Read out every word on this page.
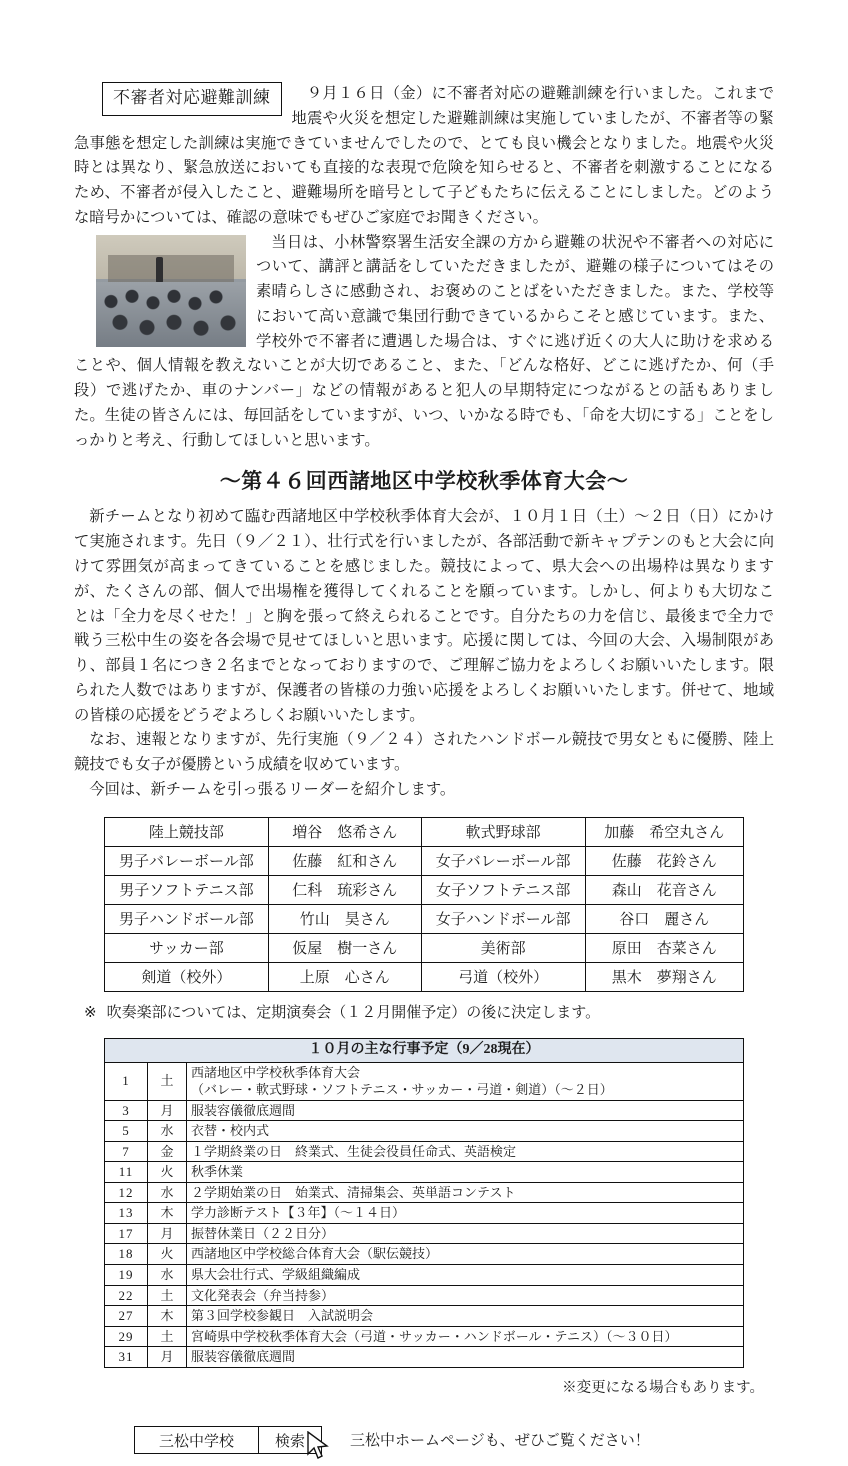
不審者対応避難訓練	９月１６日（金）に不審者対応の避難訓練を行いました。これまで地震や火災を想定した避難訓練は実施していましたが、不審者等の緊急事態を想定した訓練は実施できていませんでしたので、とても良い機会となりました。地震や火災時とは異なり、緊急放送においても直接的な表現で危険を知らせると、不審者を刺激することになるため、不審者が侵入したこと、避難場所を暗号として子どもたちに伝えることにしました。どのような暗号かについては、確認の意味でもぜひご家庭でお聞きください。

当日は、小林警察署生活安全課の方から避難の状況や不審者への対応について、講評と講話をしていただきましたが、避難の様子についてはその素晴らしさに感動され、お褒めのことばをいただきました。また、学校等において高い意識で集団行動できているからこそと感じています。また、学校外で不審者に遭遇した場合は、すぐに逃げ近くの大人に助けを求めることや、個人情報を教えないことが大切であること、また、「どんな格好、どこに逃げたか、何（手段）で逃げたか、車のナンバー」などの情報があると犯人の早期特定につながるとの話もありました。生徒の皆さんには、毎回話をしていますが、いつ、いかなる時でも、「命を大切にする」ことをしっかりと考え、行動してほしいと思います。

〜第４６回西諸地区中学校秋季体育大会〜

新チームとなり初めて臨む西諸地区中学校秋季体育大会が、１０月１日（土）〜２日（日）にかけて実施されます。先日（９／２１）、壮行式を行いましたが、各部活動で新キャプテンのもと大会に向けて雰囲気が高まってきていることを感じました。競技によって、県大会への出場枠は異なりますが、たくさんの部、個人で出場権を獲得してくれることを願っています。しかし、何よりも大切なことは「全力を尽くせた！」と胸を張って終えられることです。自分たちの力を信じ、最後まで全力で戦う三松中生の姿を各会場で見せてほしいと思います。応援に関しては、今回の大会、入場制限があり、部員１名につき２名までとなっておりますので、ご理解ご協力をよろしくお願いいたします。限られた人数ではありますが、保護者の皆様の力強い応援をよろしくお願いいたします。併せて、地域の皆様の応援をどうぞよろしくお願いいたします。

なお、速報となりますが、先行実施（９／２４）されたハンドボール競技で男女ともに優勝、陸上競技でも女子が優勝という成績を収めています。

今回は、新チームを引っ張るリーダーを紹介します。

陸上競技部	増谷　悠希さん	軟式野球部	加藤　希空丸さん
男子バレーボール部	佐藤　紅和さん	女子バレーボール部	佐藤　花鈴さん
男子ソフトテニス部	仁科　琉彩さん	女子ソフトテニス部	森山　花音さん
男子ハンドボール部	竹山　昊さん	女子ハンドボール部	谷口　麗さん
サッカー部	仮屋　樹一さん	美術部	原田　杏菜さん
剣道（校外）	上原　心さん	弓道（校外）	黒木　夢翔さん
※ 吹奏楽部については、定期演奏会（１２月開催予定）の後に決定します。
１０月の主な行事予定（9／28現在）		
1	土	西諸地区中学校秋季体育大会
（バレー・軟式野球・ソフトテニス・サッカー・弓道・剣道）（〜２日）

3	月	服装容儀徹底週間

5	水	衣替・校内式

7	金	１学期終業の日　終業式、生徒会役員任命式、英語検定

11	火	秋季休業

12	水	２学期始業の日　始業式、清掃集会、英単語コンテスト

13	木	学力診断テスト【３年】（〜１４日）

17	月	振替休業日（２２日分）

18	火	西諸地区中学校総合体育大会（駅伝競技）

19	水	県大会壮行式、学級組織編成

22	土	文化発表会（弁当持参）

27	木	第３回学校参観日　入試説明会

29	土	宮崎県中学校秋季体育大会（弓道・サッカー・ハンドボール・テニス）（〜３０日）

31	月	服装容儀徹底週間
※変更になる場合もあります。
三松中学校	検索	三松中ホームページも、ぜひご覧ください！
